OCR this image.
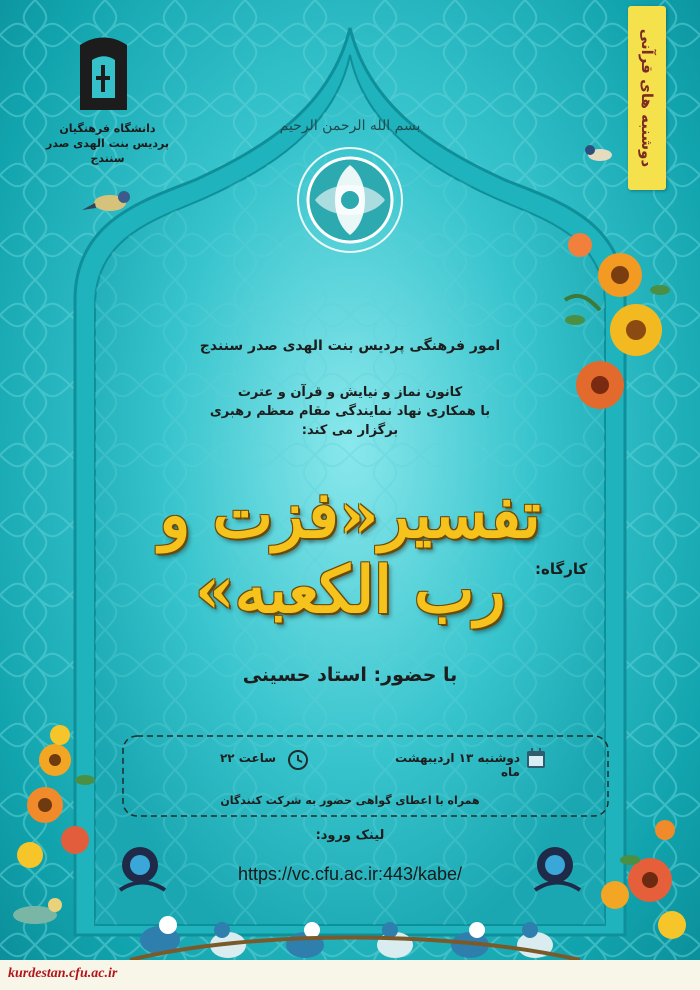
دوشنبه های قرآنی
دانشگاه فرهنگیان
پردیس بنت الهدی صدر سنندج
بسم الله الرحمن الرحیم
امور فرهنگی پردیس بنت الهدی صدر سنندج
کانون نماز و نیایش و قرآن و عترت
با همکاری نهاد نمایندگی مقام معظم رهبری
برگزار می کند:
کارگاه:
تفسیر«فزت و رب الکعبه»
با حضور: استاد حسینی
دوشنبه ۱۳ اردیبهشت ماه
ساعت ۲۲
همراه با اعطای گواهی حضور به شرکت کنندگان
لینک ورود:
https://vc.cfu.ac.ir:443/kabe/
kurdestan.cfu.ac.ir
